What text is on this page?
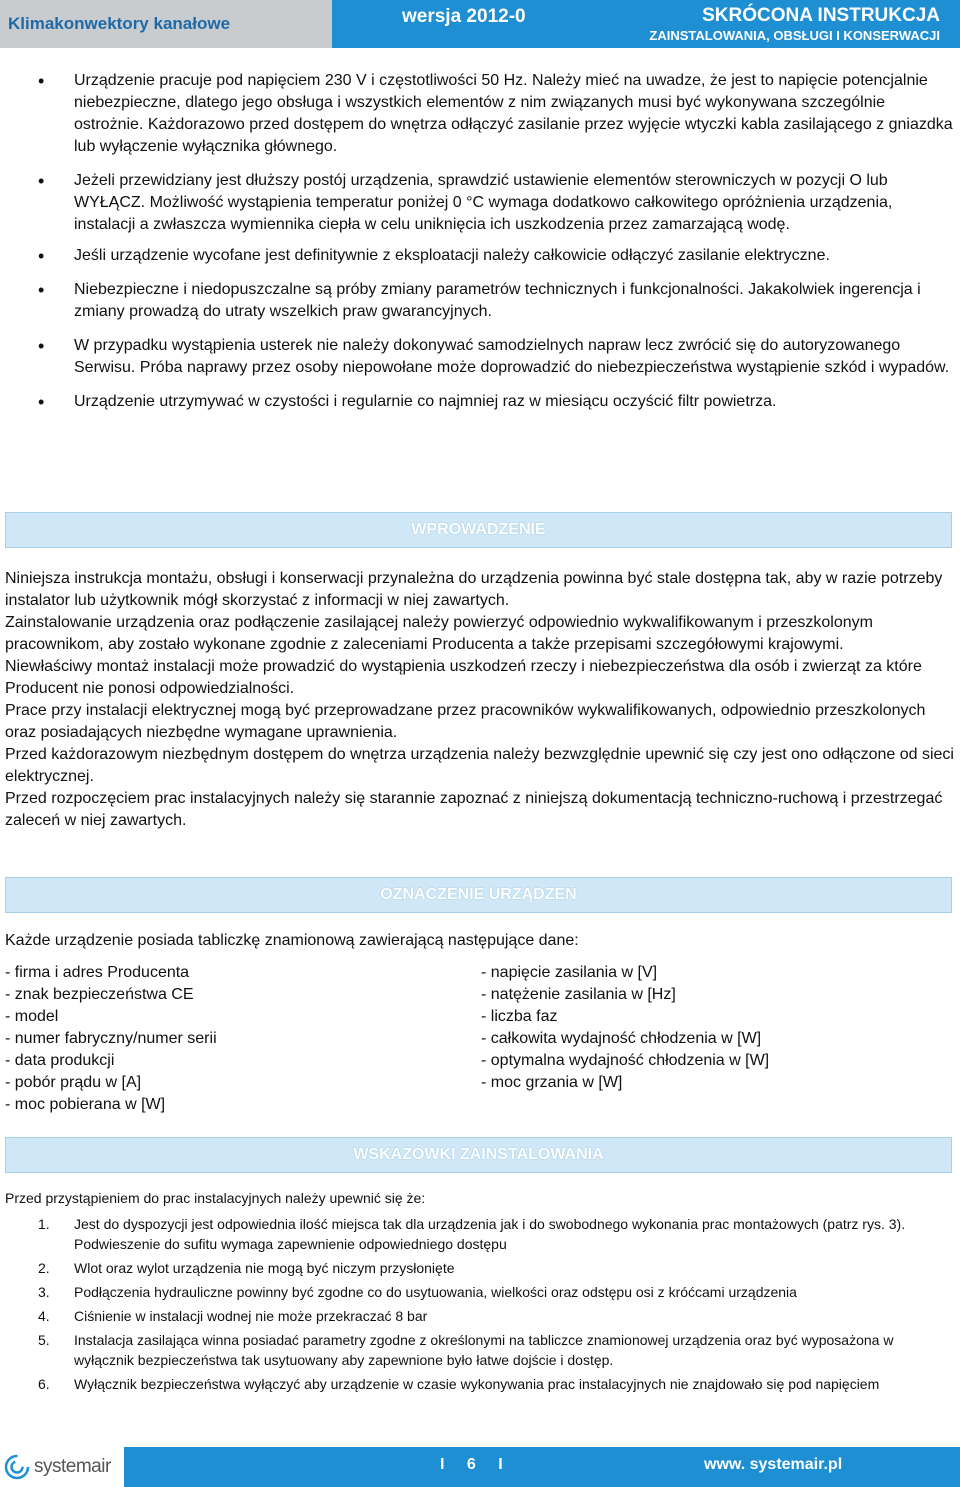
Klimakonwektory kanałowe	wersja 2012-0	SKRÓCONA INSTRUKCJA
ZAINSTALOWANIA, OBSŁUGI I KONSERWACJI
• Urządzenie pracuje pod napięciem 230 V i częstotliwości 50 Hz. Należy mieć na uwadze, że jest to napięcie potencjalnie niebezpieczne, dlatego jego obsługa i wszystkich elementów z nim związanych musi być wykonywana szczególnie ostrożnie. Każdorazowo przed dostępem do wnętrza odłączyć zasilanie przez wyjęcie wtyczki kabla zasilającego z gniazdka lub wyłączenie wyłącznika głównego.
• Jeżeli przewidziany jest dłuższy postój urządzenia, sprawdzić ustawienie elementów sterowniczych w pozycji O lub WYŁĄCZ. Możliwość wystąpienia temperatur poniżej 0 °C wymaga dodatkowo całkowitego opróżnienia urządzenia, instalacji a zwłaszcza wymiennika ciepła w celu uniknięcia ich uszkodzenia przez zamarzającą wodę.
• Jeśli urządzenie wycofane jest definitywnie z eksploatacji należy całkowicie odłączyć zasilanie elektryczne.
• Niebezpieczne i niedopuszczalne są próby zmiany parametrów technicznych i funkcjonalności. Jakakolwiek ingerencja i zmiany prowadzą do utraty wszelkich praw gwarancyjnych.
• W przypadku wystąpienia usterek nie należy dokonywać samodzielnych napraw lecz zwrócić się do autoryzowanego Serwisu. Próba naprawy przez osoby niepowołane może doprowadzić do niebezpieczeństwa wystąpienie szkód i wypadów.
• Urządzenie utrzymywać w czystości i regularnie co najmniej raz w miesiącu oczyścić filtr powietrza.
WPROWADZENIE

Niniejsza instrukcja montażu, obsługi i konserwacji przynależna do urządzenia powinna być stale dostępna tak, aby w razie potrzeby instalator lub użytkownik mógł skorzystać z informacji w niej zawartych.

Zainstalowanie urządzenia oraz podłączenie zasilającej należy powierzyć odpowiednio wykwalifikowanym i przeszkolonym pracownikom, aby zostało wykonane zgodnie z zaleceniami Producenta a także przepisami szczegółowymi krajowymi.

Niewłaściwy montaż instalacji może prowadzić do wystąpienia uszkodzeń rzeczy i niebezpieczeństwa dla osób i zwierząt za które Producent nie ponosi odpowiedzialności.

Prace przy instalacji elektrycznej mogą być przeprowadzane przez pracowników wykwalifikowanych, odpowiednio przeszkolonych oraz posiadających niezbędne wymagane uprawnienia.

Przed każdorazowym niezbędnym dostępem do wnętrza urządzenia należy bezwzględnie upewnić się czy jest ono odłączone od sieci elektrycznej.

Przed rozpoczęciem prac instalacyjnych należy się starannie zapoznać z niniejszą dokumentacją techniczno-ruchową i przestrzegać zaleceń w niej zawartych.

OZNACZENIE URZĄDZEŃ
Każde urządzenie posiada tabliczkę znamionową zawierającą następujące dane:
- firma i adres Producenta
- znak bezpieczeństwa CE
- model
- numer fabryczny/numer serii
- data produkcji
- pobór prądu w [A]
- moc pobierana w [W]
- napięcie zasilania w [V]
- natężenie zasilania w [Hz]
- liczba faz
- całkowita wydajność chłodzenia w [W]
- optymalna wydajność chłodzenia w [W]
- moc grzania w [W]
WSKAZÓWKI ZAINSTALOWANIA
Przed przystąpieniem do prac instalacyjnych należy upewnić się że:
1. Jest do dyspozycji jest odpowiednia ilość miejsca tak dla urządzenia jak i do swobodnego wykonania prac montażowych (patrz rys. 3). Podwieszenie do sufitu wymaga zapewnienie odpowiedniego dostępu
2. Wlot oraz wylot urządzenia nie mogą być niczym przysłonięte
3. Podłączenia hydrauliczne powinny być zgodne co do usytuowania, wielkości oraz odstępu osi z króćcami urządzenia
4. Ciśnienie w instalacji wodnej nie może przekraczać 8 bar
5. Instalacja zasilająca winna posiadać parametry zgodne z określonymi na tabliczce znamionowej urządzenia oraz być wyposażona w wyłącznik bezpieczeństwa tak usytuowany aby zapewnione było łatwe dojście i dostęp.
6. Wyłącznik bezpieczeństwa wyłączyć aby urządzenie w czasie wykonywania prac instalacyjnych nie znajdowało się pod napięciem
systemair	I 6 I	www. systemair.pl
